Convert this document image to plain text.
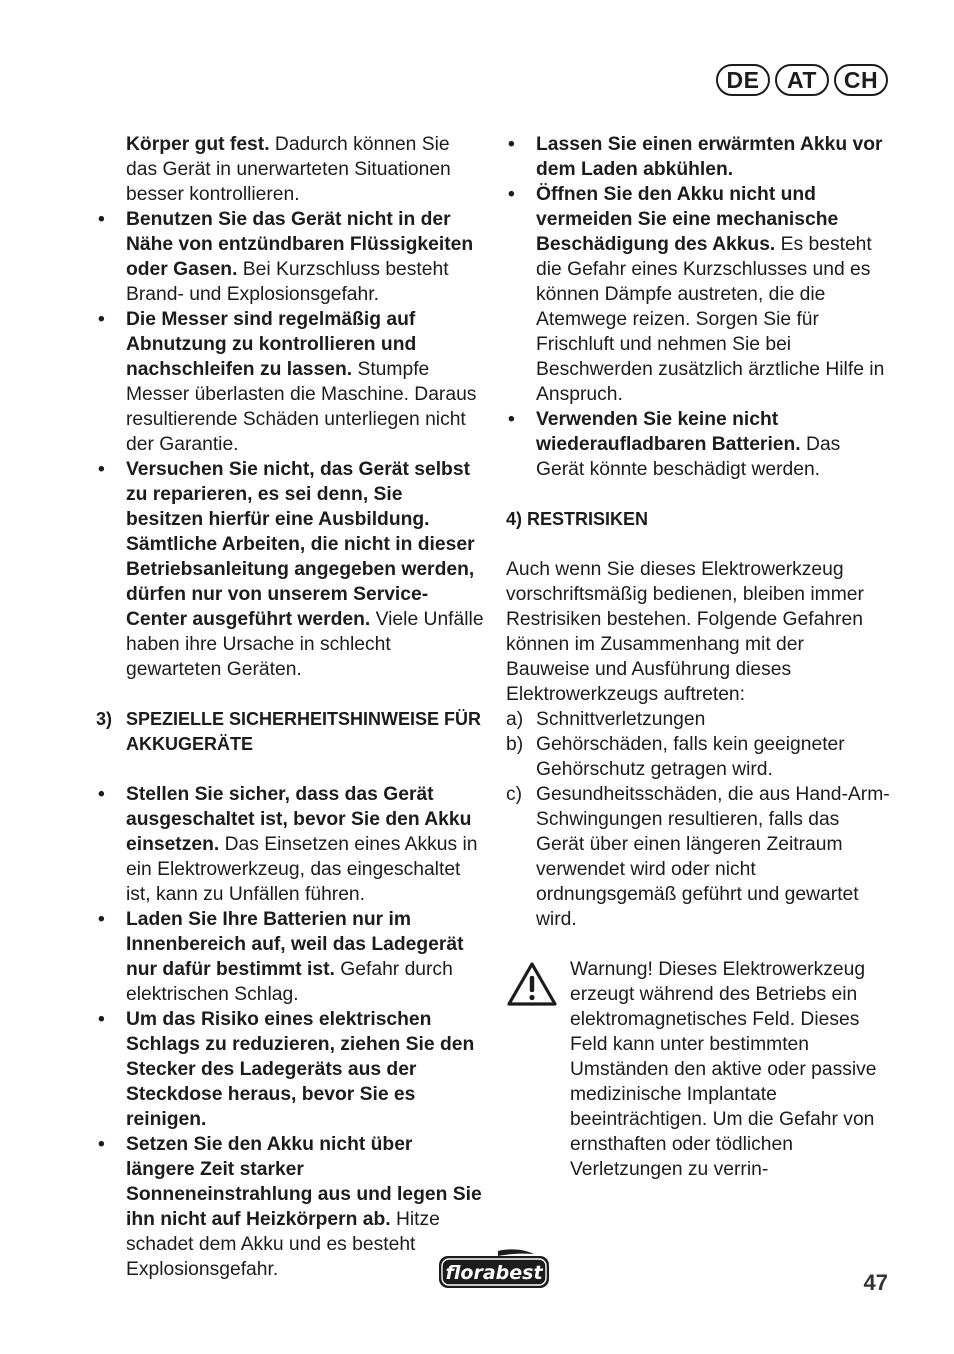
DE	AT	CH

Körper gut fest. Dadurch können Sie das Gerät in unerwarteten Situationen besser kontrollieren.

• Benutzen Sie das Gerät nicht in der Nähe von entzündbaren Flüssigkeiten oder Gasen. Bei Kurzschluss besteht Brand- und Explosionsgefahr.

• Die Messer sind regelmäßig auf Abnutzung zu kontrollieren und nachschleifen zu lassen. Stumpfe Messer überlasten die Maschine. Daraus resultierende Schäden unterliegen nicht der Garantie.

• Versuchen Sie nicht, das Gerät selbst zu reparieren, es sei denn, Sie besitzen hierfür eine Ausbildung. Sämtliche Arbeiten, die nicht in dieser Betriebsanleitung angegeben werden, dürfen nur von unserem Service-Center ausgeführt werden. Viele Unfälle haben ihre Ursache in schlecht gewarteten Geräten.

3) SPEZIELLE SICHERHEITSHINWEISE FÜR AKKUGERÄTE

• Stellen Sie sicher, dass das Gerät ausgeschaltet ist, bevor Sie den Akku einsetzen. Das Einsetzen eines Akkus in ein Elektrowerkzeug, das eingeschaltet ist, kann zu Unfällen führen.

• Laden Sie Ihre Batterien nur im Innenbereich auf, weil das Ladegerät nur dafür bestimmt ist. Gefahr durch elektrischen Schlag.

• Um das Risiko eines elektrischen Schlags zu reduzieren, ziehen Sie den Stecker des Ladegeräts aus der Steckdose heraus, bevor Sie es reinigen.

• Setzen Sie den Akku nicht über längere Zeit starker Sonneneinstrahlung aus und legen Sie ihn nicht auf Heizkörpern ab. Hitze schadet dem Akku und es besteht Explosionsgefahr.

• Lassen Sie einen erwärmten Akku vor dem Laden abkühlen.

• Öffnen Sie den Akku nicht und vermeiden Sie eine mechanische Beschädigung des Akkus. Es besteht die Gefahr eines Kurzschlusses und es können Dämpfe austreten, die die Atemwege reizen. Sorgen Sie für Frischluft und nehmen Sie bei Beschwerden zusätzlich ärztliche Hilfe in Anspruch.

• Verwenden Sie keine nicht wiederaufladbaren Batterien. Das Gerät könnte beschädigt werden.

4) RESTRISIKEN

Auch wenn Sie dieses Elektrowerkzeug vorschriftsmäßig bedienen, bleiben immer Restrisiken bestehen. Folgende Gefahren können im Zusammenhang mit der Bauweise und Ausführung dieses Elektrowerkzeugs auftreten:

a) Schnittverletzungen

b) Gehörschäden, falls kein geeigneter Gehörschutz getragen wird.

c) Gesundheitsschäden, die aus Hand-Arm-Schwingungen resultieren, falls das Gerät über einen längeren Zeitraum verwendet wird oder nicht ordnungsgemäß geführt und gewartet wird.

Warnung! Dieses Elektrowerkzeug erzeugt während des Betriebs ein elektromagnetisches Feld. Dieses Feld kann unter bestimmten Umständen den aktive oder passive medizinische Implantate beeinträchtigen. Um die Gefahr von ernsthaften oder tödlichen Verletzungen zu verrin-

florabest	47
